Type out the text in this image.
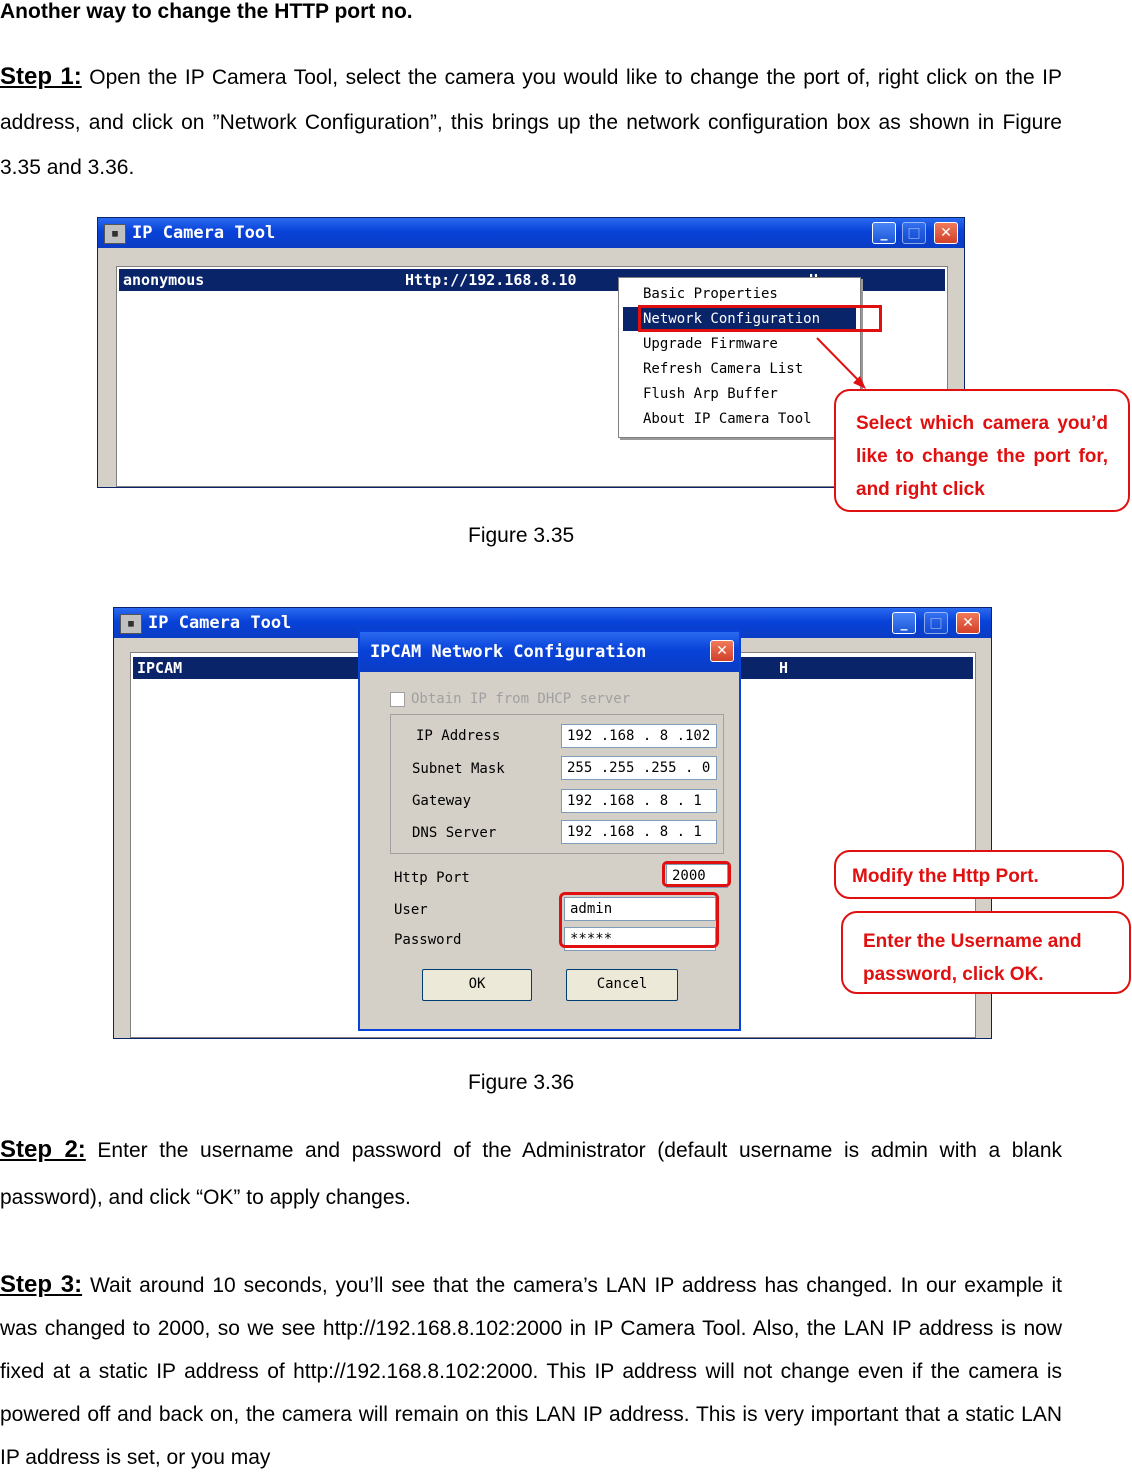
Another way to change the HTTP port no.
Step 1: Open the IP Camera Tool, select the camera you would like to change the port of, right click on the IP address, and click on ”Network Configuration”, this brings up the network configuration box as shown in Figure 3.35 and 3.36.
▦ IP Camera Tool	_	□	✕
anonymous	Http://192.168.8.10
Basic Properties
Network Configuration
Upgrade Firmware
Refresh Camera List
Flush Arp Buffer
About IP Camera Tool	Select which camera you’d like to change the port for, and right click
Figure 3.35
▦ IP Camera Tool	_	□	✕
IPCAM	H
IPCAM Network Configuration	✕
Obtain IP from DHCP server
IP Address	192 .168 . 8 .102
Subnet Mask	255 .255 .255 . 0
Gateway	192 .168 . 8 . 1
DNS Server	192 .168 . 8 . 1
Http Port	2000
User	admin
Password	*****
OK	Cancel
Modify the Http Port.
Enter the Username and password, click OK.
Figure 3.36
Step 2: Enter the username and password of the Administrator (default username is admin with a blank password), and click “OK” to apply changes.
Step 3: Wait around 10 seconds, you’ll see that the camera’s LAN IP address has changed. In our example it was changed to 2000, so we see http://192.168.8.102:2000 in IP Camera Tool. Also, the LAN IP address is now fixed at a static IP address of http://192.168.8.102:2000. This IP address will not change even if the camera is powered off and back on, the camera will remain on this LAN IP address. This is very important that a static LAN IP address is set, or you may
